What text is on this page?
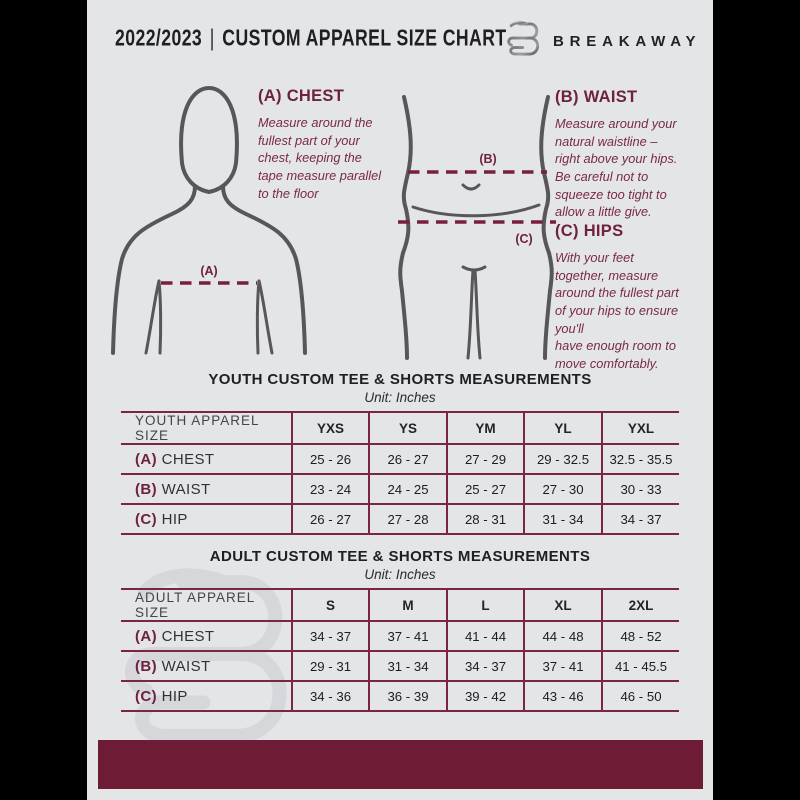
2022/2023 | CUSTOM APPAREL SIZE CHART	BREAKAWAY
(A)
(B)
(C)

(A) CHEST

Measure around the
fullest part of your
chest, keeping the
tape measure parallel
to the floor

(B) WAIST

Measure around your
natural waistline –
right above your hips.
Be careful not to
squeeze too tight to
allow a little give.

(C) HIPS

With your feet
together, measure
around the fullest part
of your hips to ensure
you'll
have enough room to
move comfortably.

YOUTH CUSTOM TEE & SHORTS MEASUREMENTS
Unit: Inches
YOUTH APPAREL SIZE	YXS	YS	YM	YL	YXL
(A) CHEST	25 - 26	26 - 27	27 - 29	29 - 32.5	32.5 - 35.5
(B) WAIST	23 - 24	24 - 25	25 - 27	27 - 30	30 - 33
(C) HIP	26 - 27	27 - 28	28 - 31	31 - 34	34 - 37
ADULT CUSTOM TEE & SHORTS MEASUREMENTS
Unit: Inches
ADULT APPAREL SIZE	S	M	L	XL	2XL
(A) CHEST	34 - 37	37 - 41	41 - 44	44 - 48	48 - 52
(B) WAIST	29 - 31	31 - 34	34 - 37	37 - 41	41 - 45.5
(C) HIP	34 - 36	36 - 39	39 - 42	43 - 46	46 - 50
